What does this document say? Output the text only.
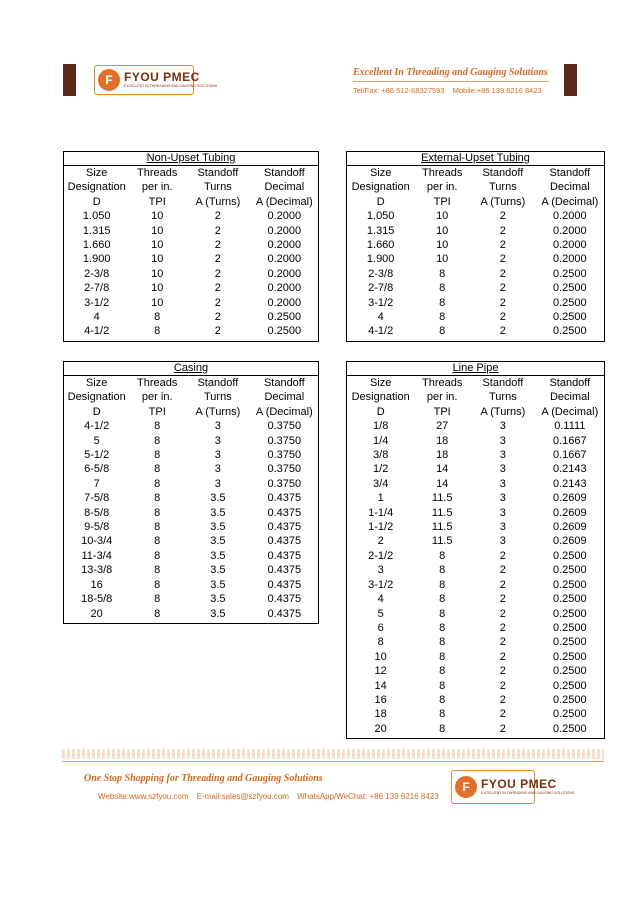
F FYOU PMEC
EXCELLENT IN THREADING AND GAUGING SOLUTIONS
Excellent In Threading and Gauging Solutions
Tel/Fax: +86 512-68327593 Mobile:+86 139 6216 8423
Non-Upset Tubing			
Size	Threads	Standoff	Standoff
Designation	per in.	Turns	Decimal
D	TPI	A (Turns)	A (Decimal)
1.050	10	2	0.2000
1.315	10	2	0.2000
1.660	10	2	0.2000
1.900	10	2	0.2000
2-3/8	10	2	0.2000
2-7/8	10	2	0.2000
3-1/2	10	2	0.2000
4	8	2	0.2500
4-1/2	8	2	0.2500
External-Upset Tubing			
Size	Threads	Standoff	Standoff
Designation	per in.	Turns	Decimal
D	TPI	A (Turns)	A (Decimal)
1.050	10	2	0.2000
1.315	10	2	0.2000
1.660	10	2	0.2000
1.900	10	2	0.2000
2-3/8	8	2	0.2500
2-7/8	8	2	0.2500
3-1/2	8	2	0.2500
4	8	2	0.2500
4-1/2	8	2	0.2500
Casing			
Size	Threads	Standoff	Standoff
Designation	per in.	Turns	Decimal
D	TPI	A (Turns)	A (Decimal)
4-1/2	8	3	0.3750
5	8	3	0.3750
5-1/2	8	3	0.3750
6-5/8	8	3	0.3750
7	8	3	0.3750
7-5/8	8	3.5	0.4375
8-5/8	8	3.5	0.4375
9-5/8	8	3.5	0.4375
10-3/4	8	3.5	0.4375
11-3/4	8	3.5	0.4375
13-3/8	8	3.5	0.4375
16	8	3.5	0.4375
18-5/8	8	3.5	0.4375
20	8	3.5	0.4375
Line Pipe			
Size	Threads	Standoff	Standoff
Designation	per in.	Turns	Decimal
D	TPI	A (Turns)	A (Decimal)
1/8	27	3	0.1111
1/4	18	3	0.1667
3/8	18	3	0.1667
1/2	14	3	0.2143
3/4	14	3	0.2143
1	11.5	3	0.2609
1-1/4	11.5	3	0.2609
1-1/2	11.5	3	0.2609
2	11.5	3	0.2609
2-1/2	8	2	0.2500
3	8	2	0.2500
3-1/2	8	2	0.2500
4	8	2	0.2500
5	8	2	0.2500
6	8	2	0.2500
8	8	2	0.2500
10	8	2	0.2500
12	8	2	0.2500
14	8	2	0.2500
16	8	2	0.2500
18	8	2	0.2500
20	8	2	0.2500
One Stop Shopping for Threading and Gauging Solutions
Website:www.szfyou.com E-mail:sales@szfyou.com WhatsApp/WeChat: +86 139 6216 8423
F FYOU PMEC
EXCELLENT IN THREADING AND GAUGING SOLUTIONS
